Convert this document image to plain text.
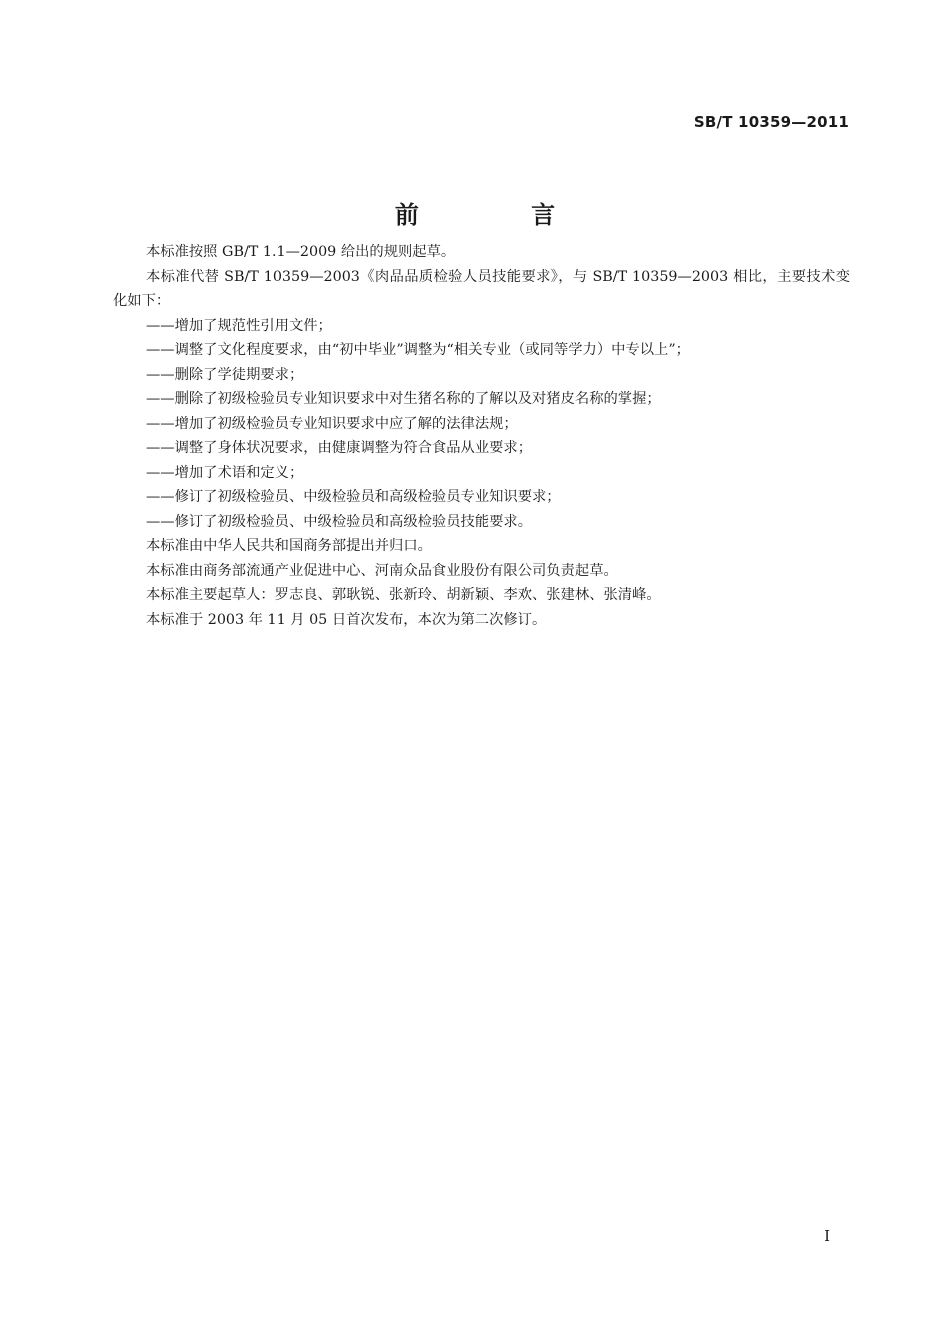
SB/T 10359—2011
前 言

本标准按照 GB/T 1.1—2009 给出的规则起草。

本标准代替 SB/T 10359—2003《肉品品质检验人员技能要求》，与 SB/T 10359—2003 相比，主要技术变化如下：

——增加了规范性引用文件；

——调整了文化程度要求，由“初中毕业”调整为“相关专业（或同等学力）中专以上”；

——删除了学徒期要求；

——删除了初级检验员专业知识要求中对生猪名称的了解以及对猪皮名称的掌握；

——增加了初级检验员专业知识要求中应了解的法律法规；

——调整了身体状况要求，由健康调整为符合食品从业要求；

——增加了术语和定义；

——修订了初级检验员、中级检验员和高级检验员专业知识要求；

——修订了初级检验员、中级检验员和高级检验员技能要求。

本标准由中华人民共和国商务部提出并归口。

本标准由商务部流通产业促进中心、河南众品食业股份有限公司负责起草。

本标准主要起草人：罗志良、郭耿锐、张新玲、胡新颖、李欢、张建林、张清峰。

本标准于 2003 年 11 月 05 日首次发布，本次为第二次修订。

I
